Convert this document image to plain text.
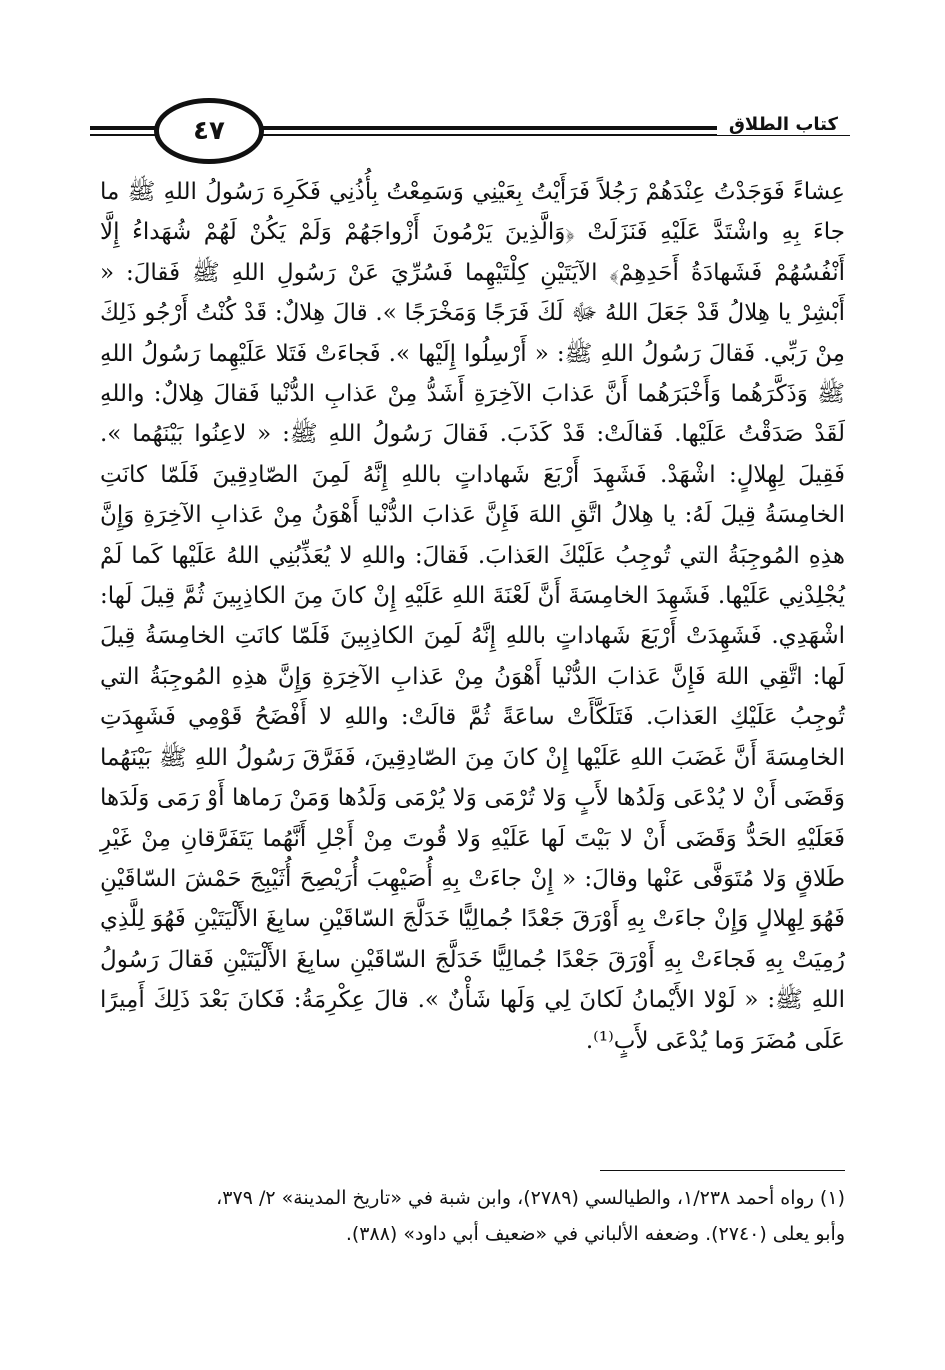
٤٧	كتاب الطلاق

عِشاءً فَوَجَدْتُ عِنْدَهُمْ رَجُلاً فَرَأَيْتُ بِعَيْنِي وَسَمِعْتُ بِأُذُنِي فَكَرِهَ رَسُولُ اللهِ ﷺ ما جاءَ بِهِ واشْتَدَّ عَلَيْهِ فَنَزَلَتْ ﴿وَالَّذِينَ يَرْمُونَ أَزْواجَهُمْ وَلَمْ يَكُنْ لَهُمْ شُهَداءُ إِلَّا أَنْفُسُهُمْ فَشَهادَةُ أَحَدِهِمْ﴾ الآيَتَيْنِ كِلْتَيْهِما فَسُرِّيَ عَنْ رَسُولِ اللهِ ﷺ فَقالَ: « أَبْشِرْ يا هِلالُ قَدْ جَعَلَ اللهُ ﷻ لَكَ فَرَجًا وَمَخْرَجًا ». قالَ هِلالٌ: قَدْ كُنْتُ أَرْجُو ذَلِكَ مِنْ رَبِّي. فَقالَ رَسُولُ اللهِ ﷺ: « أَرْسِلُوا إِلَيْها ». فَجاءَتْ فَتَلا عَلَيْهِما رَسُولُ اللهِ ﷺ وَذَكَّرَهُما وَأَخْبَرَهُما أَنَّ عَذابَ الآخِرَةِ أَشَدُّ مِنْ عَذابِ الدُّنْيا فَقالَ هِلالٌ: واللهِ لَقَدْ صَدَقْتُ عَلَيْها. فَقالَتْ: قَدْ كَذَبَ. فَقالَ رَسُولُ اللهِ ﷺ: « لاعِنُوا بَيْنَهُما ». فَقِيلَ لِهِلالٍ: اشْهَدْ. فَشَهِدَ أَرْبَعَ شَهاداتٍ باللهِ إِنَّهُ لَمِنَ الصّادِقِينَ فَلَمّا كانَتِ الخامِسَةُ قِيلَ لَهُ: يا هِلالُ اتَّقِ اللهَ فَإِنَّ عَذابَ الدُّنْيا أَهْوَنُ مِنْ عَذابِ الآخِرَةِ وَإِنَّ هذِهِ المُوجِبَةُ التي تُوجِبُ عَلَيْكَ العَذابَ. فَقالَ: واللهِ لا يُعَذِّبُنِي اللهُ عَلَيْها كَما لَمْ يُجْلِدْنِي عَلَيْها. فَشَهِدَ الخامِسَةَ أَنَّ لَعْنَةَ اللهِ عَلَيْهِ إِنْ كانَ مِنَ الكاذِبِينَ ثُمَّ قِيلَ لَها: اشْهَدِي. فَشَهِدَتْ أَرْبَعَ شَهاداتٍ باللهِ إِنَّهُ لَمِنَ الكاذِبِينَ فَلَمّا كانَتِ الخامِسَةُ قِيلَ لَها: اتَّقِي اللهَ فَإِنَّ عَذابَ الدُّنْيا أَهْوَنُ مِنْ عَذابِ الآخِرَةِ وَإِنَّ هذِهِ المُوجِبَةُ التي تُوجِبُ عَلَيْكِ العَذابَ. فَتَلَكَّأَتْ ساعَةً ثُمَّ قالَتْ: واللهِ لا أَفْضَحُ قَوْمِي فَشَهِدَتِ الخامِسَةَ أَنَّ غَضَبَ اللهِ عَلَيْها إِنْ كانَ مِنَ الصّادِقِينَ، فَفَرَّقَ رَسُولُ اللهِ ﷺ بَيْنَهُما وَقَضَى أَنْ لا يُدْعَى وَلَدُها لأَبٍ وَلا تُرْمَى وَلا يُرْمَى وَلَدُها وَمَنْ رَماها أَوْ رَمَى وَلَدَها فَعَلَيْهِ الحَدُّ وَقَضَى أَنْ لا بَيْتَ لَها عَلَيْهِ وَلا قُوتَ مِنْ أَجْلِ أَنَّهُما يَتَفَرَّقانِ مِنْ غَيْرِ طَلاقٍ وَلا مُتَوَفَّى عَنْها وقالَ: « إِنْ جاءَتْ بِهِ أُصَيْهِبَ أُرَيْصِحَ أُثَيْبِجَ حَمْشَ السّاقَيْنِ فَهُوَ لِهِلالٍ وَإِنْ جاءَتْ بِهِ أَوْرَقَ جَعْدًا جُمالِيًّا خَدَلَّجَ السّاقَيْنِ سابِغَ الأَلْيَتَيْنِ فَهُوَ لِلَّذِي رُمِيَتْ بِهِ فَجاءَتْ بِهِ أَوْرَقَ جَعْدًا جُمالِيًّا خَدَلَّجَ السّاقَيْنِ سابِغَ الأَلْيَتَيْنِ فَقالَ رَسُولُ اللهِ ﷺ: « لَوْلا الأَيْمانُ لَكانَ لِي وَلَها شَأْنٌ ». قالَ عِكْرِمَةُ: فَكانَ بَعْدَ ذَلِكَ أَمِيرًا عَلَى مُضَرَ وَما يُدْعَى لأَبٍ⁽¹⁾.

(١) رواه أحمد ١/٢٣٨، والطيالسي (٢٧٨٩)، وابن شبة في «تاريخ المدينة» ٢/ ٣٧٩،

وأبو يعلى (٢٧٤٠). وضعفه الألباني في «ضعيف أبي داود» (٣٨٨).
